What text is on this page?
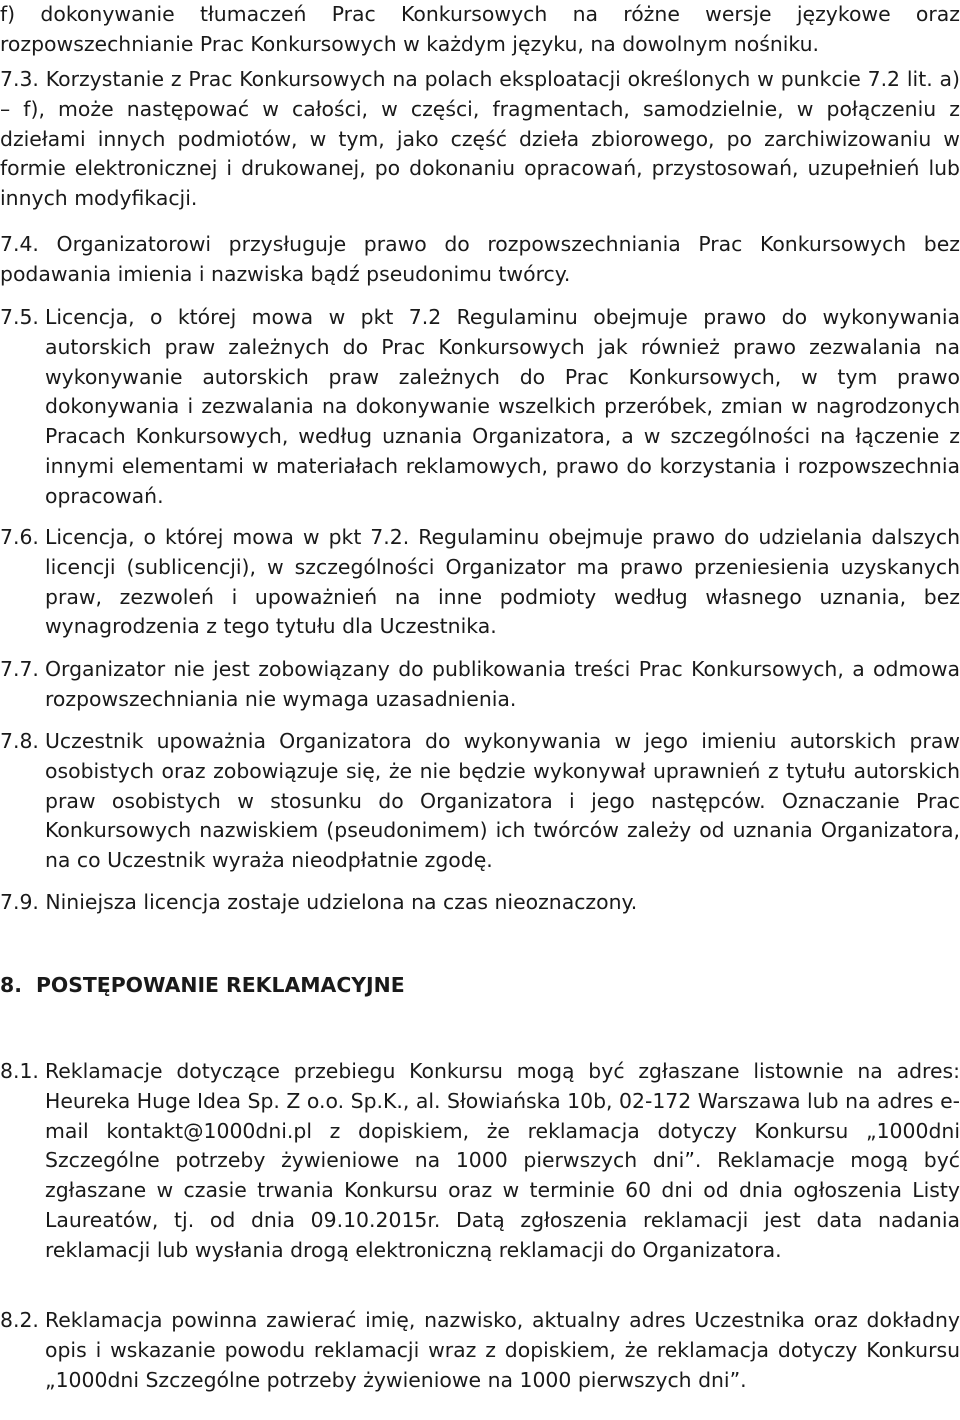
f) dokonywanie tłumaczeń Prac Konkursowych na różne wersje językowe oraz rozpowszechnianie Prac Konkursowych w każdym języku, na dowolnym nośniku.

7.3. Korzystanie z Prac Konkursowych na polach eksploatacji określonych w punkcie 7.2 lit. a) – f), może następować w całości, w części, fragmentach, samodzielnie, w połączeniu z dziełami innych podmiotów, w tym, jako część dzieła zbiorowego, po zarchiwizowaniu w formie elektronicznej i drukowanej, po dokonaniu opracowań, przystosowań, uzupełnień lub innych modyfikacji.

7.4. Organizatorowi przysługuje prawo do rozpowszechniania Prac Konkursowych bez podawania imienia i nazwiska bądź pseudonimu twórcy.

7.5. Licencja, o której mowa w pkt 7.2 Regulaminu obejmuje prawo do wykonywania autorskich praw zależnych do Prac Konkursowych jak również prawo zezwalania na wykonywanie autorskich praw zależnych do Prac Konkursowych, w tym prawo dokonywania i zezwalania na dokonywanie wszelkich przeróbek, zmian w nagrodzonych Pracach Konkursowych, według uznania Organizatora, a w szczególności na łączenie z innymi elementami w materiałach reklamowych, prawo do korzystania i rozpowszechnia opracowań.

7.6. Licencja, o której mowa w pkt 7.2. Regulaminu obejmuje prawo do udzielania dalszych licencji (sublicencji), w szczególności Organizator ma prawo przeniesienia uzyskanych praw, zezwoleń i upoważnień na inne podmioty według własnego uznania, bez wynagrodzenia z tego tytułu dla Uczestnika.

7.7. Organizator nie jest zobowiązany do publikowania treści Prac Konkursowych, a odmowa rozpowszechniania nie wymaga uzasadnienia.

7.8. Uczestnik upoważnia Organizatora do wykonywania w jego imieniu autorskich praw osobistych oraz zobowiązuje się, że nie będzie wykonywał uprawnień z tytułu autorskich praw osobistych w stosunku do Organizatora i jego następców. Oznaczanie Prac Konkursowych nazwiskiem (pseudonimem) ich twórców zależy od uznania Organizatora, na co Uczestnik wyraża nieodpłatnie zgodę.

7.9. Niniejsza licencja zostaje udzielona na czas nieoznaczony.

8. POSTĘPOWANIE REKLAMACYJNE
8.1. Reklamacje dotyczące przebiegu Konkursu mogą być zgłaszane listownie na adres: Heureka Huge Idea Sp. Z o.o. Sp.K., al. Słowiańska 10b, 02-172 Warszawa lub na adres e-mail kontakt@1000dni.pl z dopiskiem, że reklamacja dotyczy Konkursu „1000dni Szczególne potrzeby żywieniowe na 1000 pierwszych dni”. Reklamacje mogą być zgłaszane w czasie trwania Konkursu oraz w terminie 60 dni od dnia ogłoszenia Listy Laureatów, tj. od dnia 09.10.2015r. Datą zgłoszenia reklamacji jest data nadania reklamacji lub wysłania drogą elektroniczną reklamacji do Organizatora.

8.2. Reklamacja powinna zawierać imię, nazwisko, aktualny adres Uczestnika oraz dokładny opis i wskazanie powodu reklamacji wraz z dopiskiem, że reklamacja dotyczy Konkursu „1000dni Szczególne potrzeby żywieniowe na 1000 pierwszych dni”.
